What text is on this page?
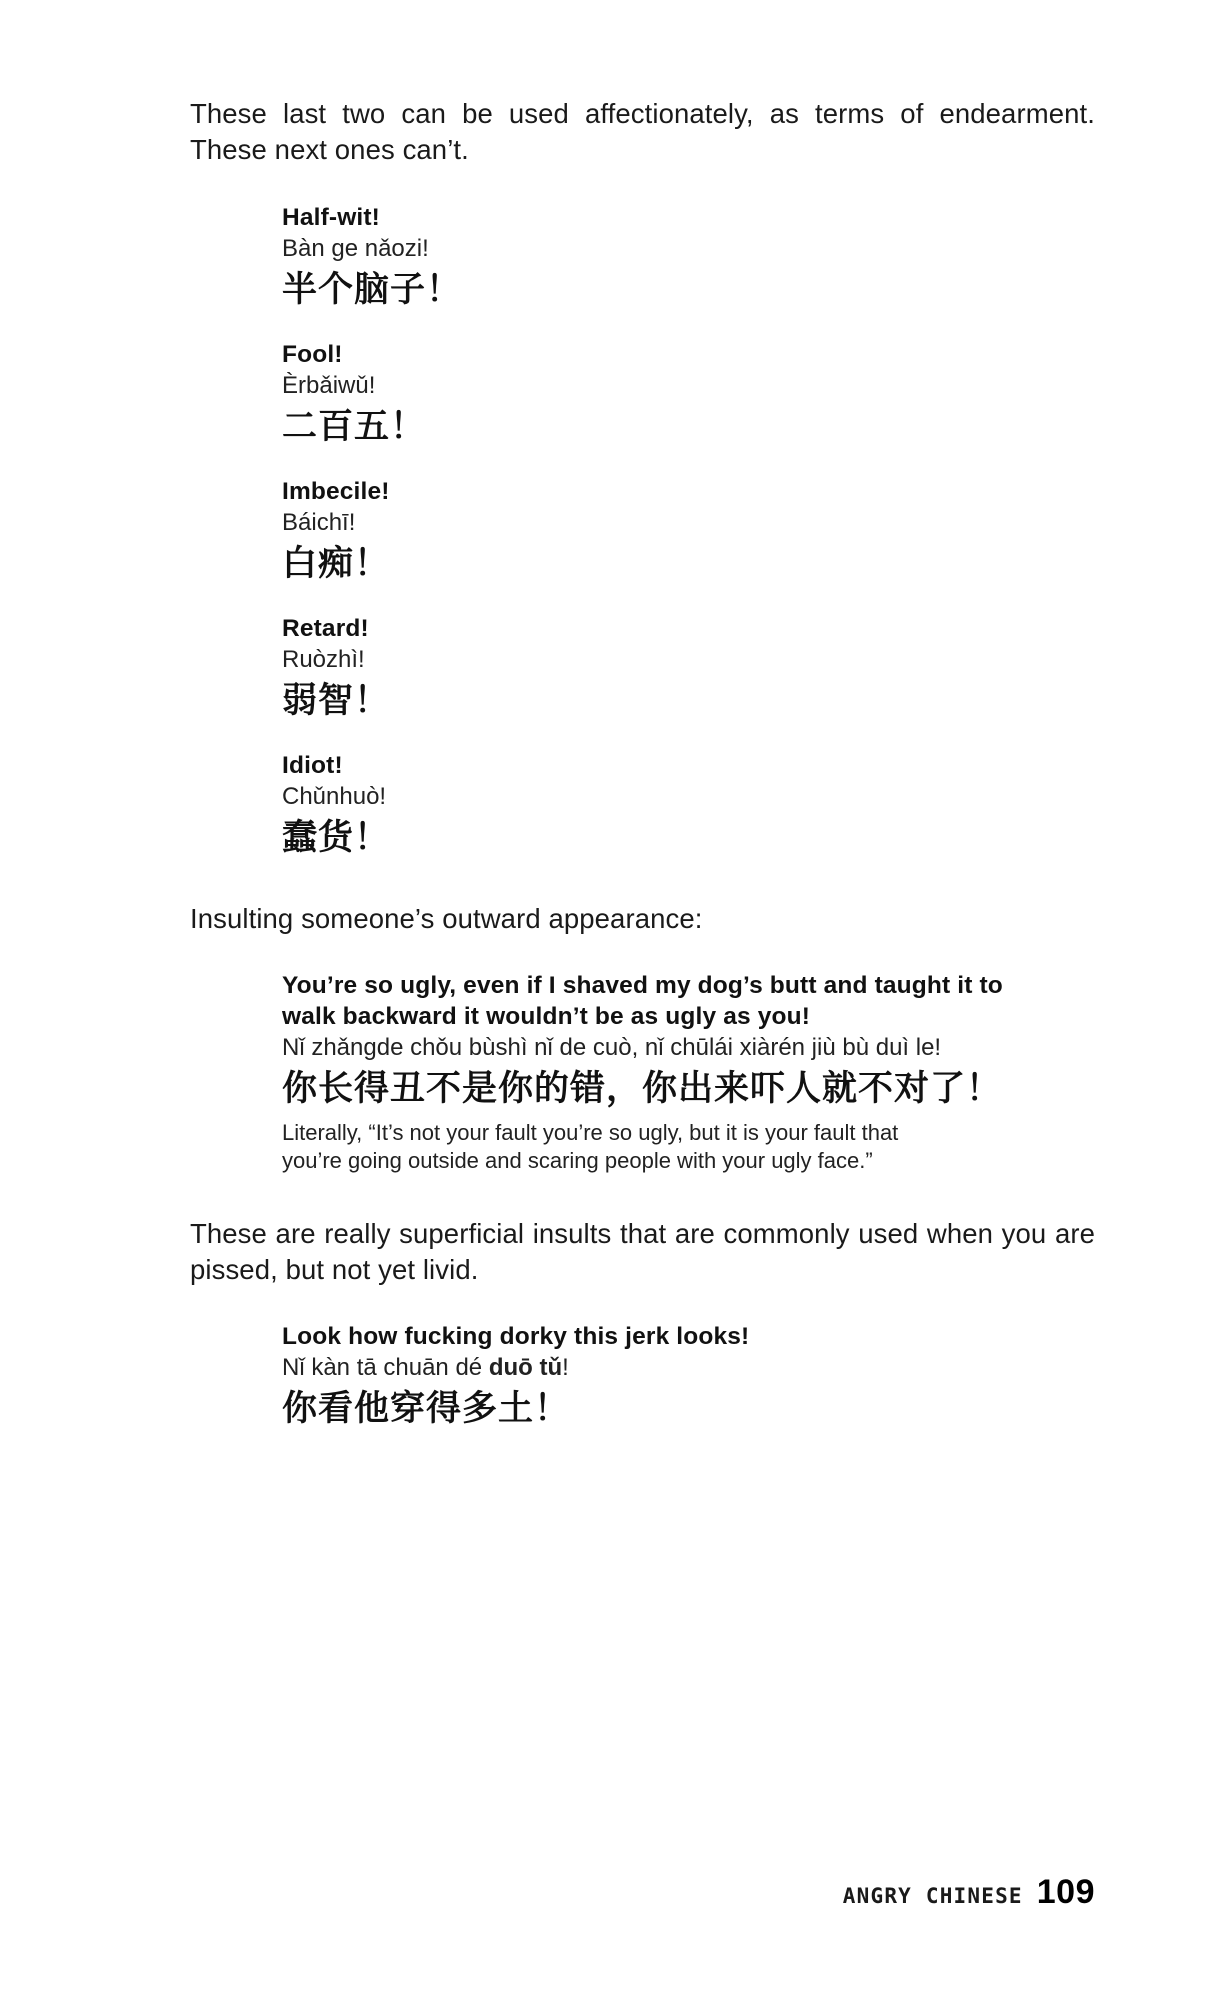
These last two can be used affectionately, as terms of endearment. These next ones can’t.

Half-wit!
Bàn ge nǎozi!
半个脑子！
Fool!
Èrbǎiwǔ!
二百五！
Imbecile!
Báichī!
白痴！
Retard!
Ruòzhì!
弱智！
Idiot!
Chǔnhuò!
蠢货！

Insulting someone’s outward appearance:

You’re so ugly, even if I shaved my dog’s butt and taught it to walk backward it wouldn’t be as ugly as you!
Nǐ zhǎngde chǒu bùshì nǐ de cuò, nǐ chūlái xiàrén jiù bù duì le!
你长得丑不是你的错，你出来吓人就不对了！
Literally, “It’s not your fault you’re so ugly, but it is your fault that you’re going outside and scaring people with your ugly face.”

These are really superficial insults that are commonly used when you are pissed, but not yet livid.

Look how fucking dorky this jerk looks!
Nǐ kàn tā chuān dé duō tǔ!
你看他穿得多土！
ANGRY CHINESE 109
